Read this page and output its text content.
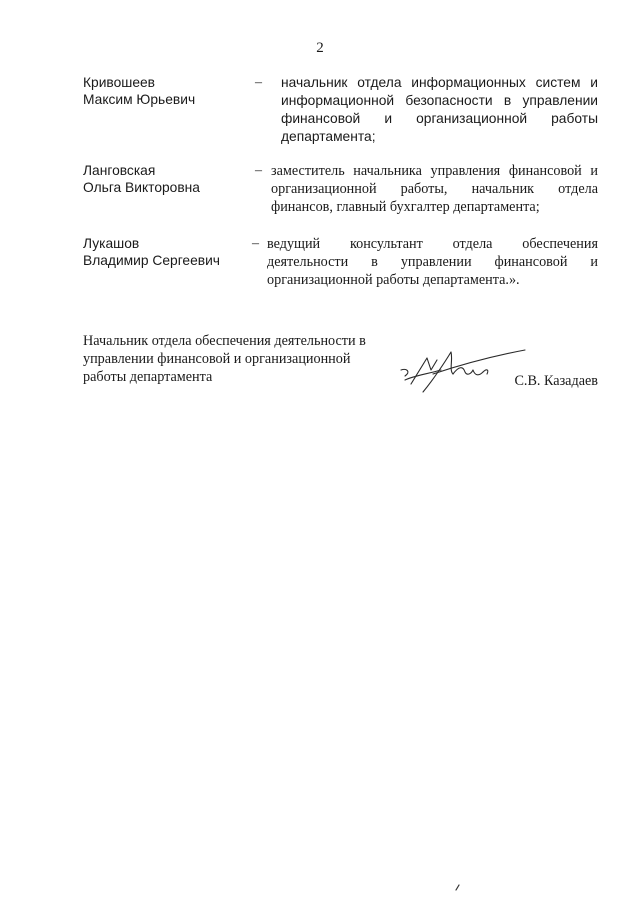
2
Кривошеев
Максим Юрьевич
– начальник отдела информационных систем и информационной безопасности в управлении финансовой и организационной работы департамента;
Ланговская
Ольга Викторовна
– заместитель начальника управления финансовой и организационной работы, начальник отдела финансов, главный бухгалтер департамента;
Лукашов
Владимир Сергеевич
– ведущий консультант отдела обеспечения деятельности в управлении финансовой и организационной работы департамента.».
Начальник отдела обеспечения деятельности в управлении финансовой и организационной работы департамента	С.В. Казадаев
